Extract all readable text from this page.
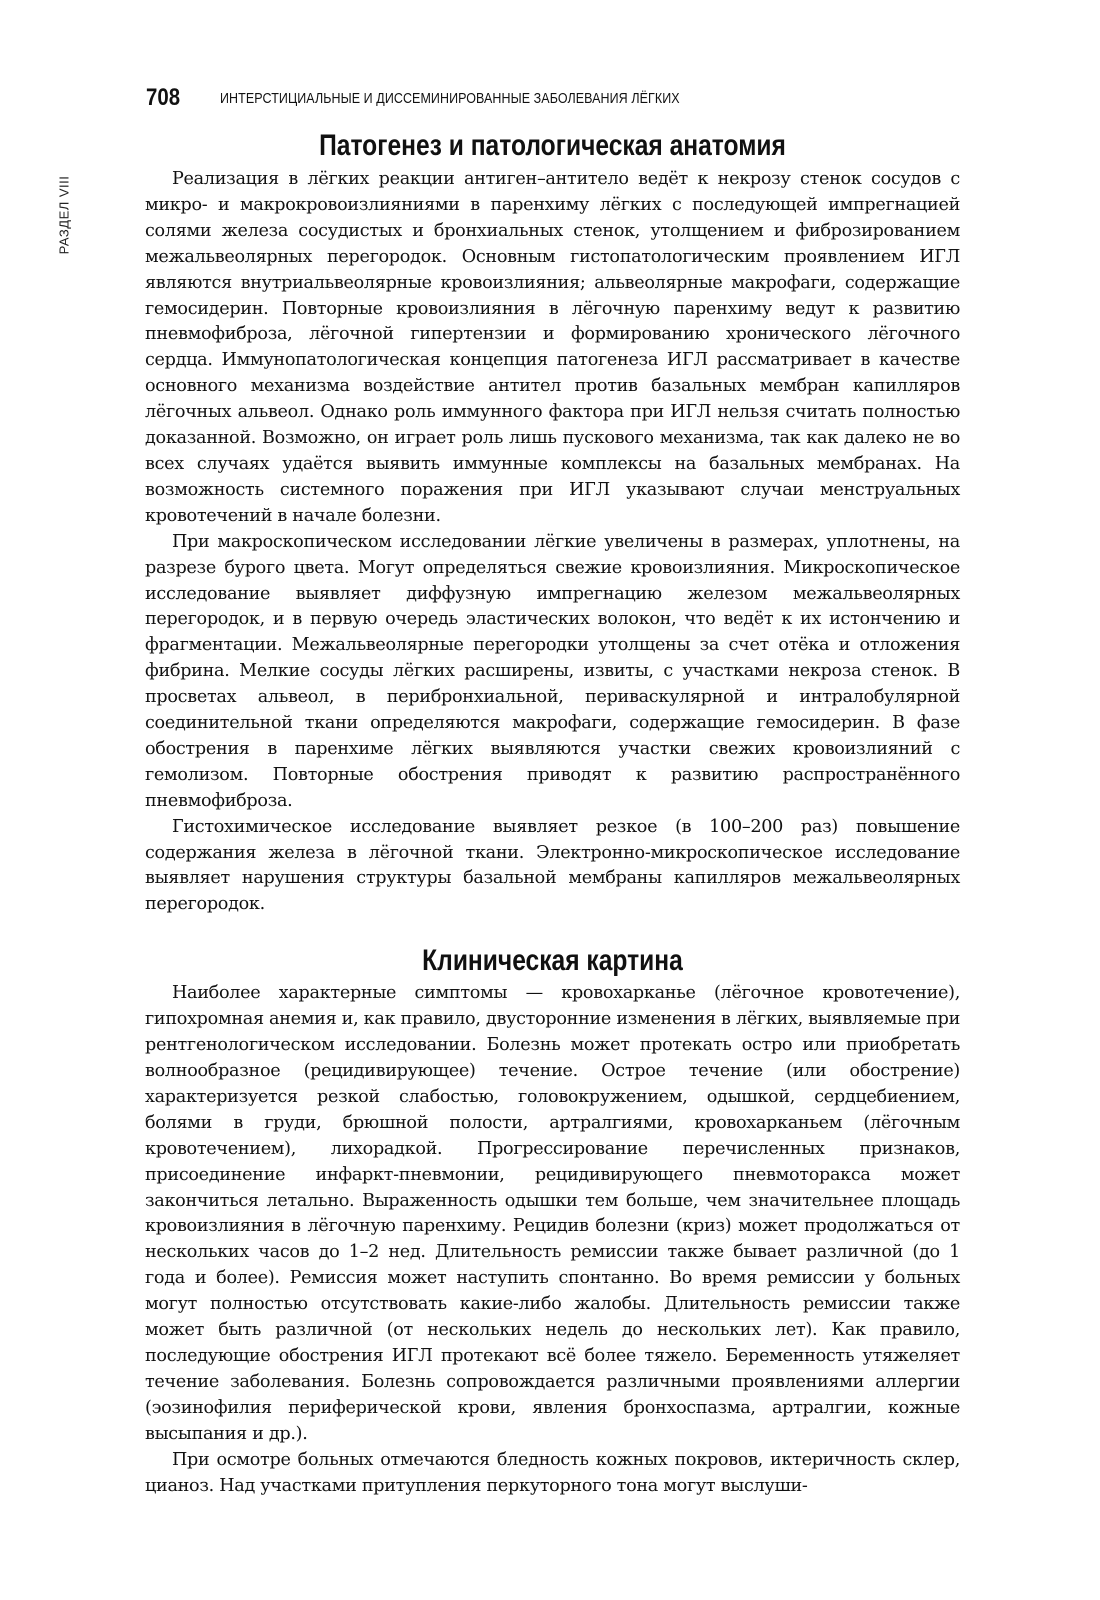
РАЗДЕЛ VIII
708	ИНТЕРСТИЦИАЛЬНЫЕ И ДИССЕМИНИРОВАННЫЕ ЗАБОЛЕВАНИЯ ЛЁГКИХ
Патогенез и патологическая анатомия

Реализация в лёгких реакции антиген–антитело ведёт к некрозу стенок сосудов с микро- и макрокровоизлияниями в паренхиму лёгких с последующей импрегнацией солями железа сосудистых и бронхиальных стенок, утолщением и фиброзированием межальвеолярных перегородок. Основным гистопатологическим проявлением ИГЛ являются внутриальвеолярные кровоизлияния; альвеолярные макрофаги, содержащие гемосидерин. Повторные кровоизлияния в лёгочную паренхиму ведут к развитию пневмофиброза, лёгочной гипертензии и формированию хронического лёгочного сердца. Иммунопатологическая концепция патогенеза ИГЛ рассматривает в качестве основного механизма воздействие антител против базальных мембран капилляров лёгочных альвеол. Однако роль иммунного фактора при ИГЛ нельзя считать полностью доказанной. Возможно, он играет роль лишь пускового механизма, так как далеко не во всех случаях удаётся выявить иммунные комплексы на базальных мембранах. На возможность системного поражения при ИГЛ указывают случаи менструальных кровотечений в начале болезни.

При макроскопическом исследовании лёгкие увеличены в размерах, уплотнены, на разрезе бурого цвета. Могут определяться свежие кровоизлияния. Микроскопическое исследование выявляет диффузную импрегнацию железом межальвеолярных перегородок, и в первую очередь эластических волокон, что ведёт к их истончению и фрагментации. Межальвеолярные перегородки утолщены за счет отёка и отложения фибрина. Мелкие сосуды лёгких расширены, извиты, с участками некроза стенок. В просветах альвеол, в перибронхиальной, периваскулярной и интралобулярной соединительной ткани определяются макрофаги, содержащие гемосидерин. В фазе обострения в паренхиме лёгких выявляются участки свежих кровоизлияний с гемолизом. Повторные обострения приводят к развитию распространённого пневмофиброза.

Гистохимическое исследование выявляет резкое (в 100–200 раз) повышение содержания железа в лёгочной ткани. Электронно-микроскопическое исследование выявляет нарушения структуры базальной мембраны капилляров межальвеолярных перегородок.

Клиническая картина

Наиболее характерные симптомы — кровохарканье (лёгочное кровотечение), гипохромная анемия и, как правило, двусторонние изменения в лёгких, выявляемые при рентгенологическом исследовании. Болезнь может протекать остро или приобретать волнообразное (рецидивирующее) течение. Острое течение (или обострение) характеризуется резкой слабостью, головокружением, одышкой, сердцебиением, болями в груди, брюшной полости, артралгиями, кровохарканьем (лёгочным кровотечением), лихорадкой. Прогрессирование перечисленных признаков, присоединение инфаркт-пневмонии, рецидивирующего пневмоторакса может закончиться летально. Выраженность одышки тем больше, чем значительнее площадь кровоизлияния в лёгочную паренхиму. Рецидив болезни (криз) может продолжаться от нескольких часов до 1–2 нед. Длительность ремиссии также бывает различной (до 1 года и более). Ремиссия может наступить спонтанно. Во время ремиссии у больных могут полностью отсутствовать какие-либо жалобы. Длительность ремиссии также может быть различной (от нескольких недель до нескольких лет). Как правило, последующие обострения ИГЛ протекают всё более тяжело. Беременность утяжеляет течение заболевания. Болезнь сопровождается различными проявлениями аллергии (эозинофилия периферической крови, явления бронхоспазма, артралгии, кожные высыпания и др.).

При осмотре больных отмечаются бледность кожных покровов, иктеричность склер, цианоз. Над участками притупления перкуторного тона могут выслуши-
